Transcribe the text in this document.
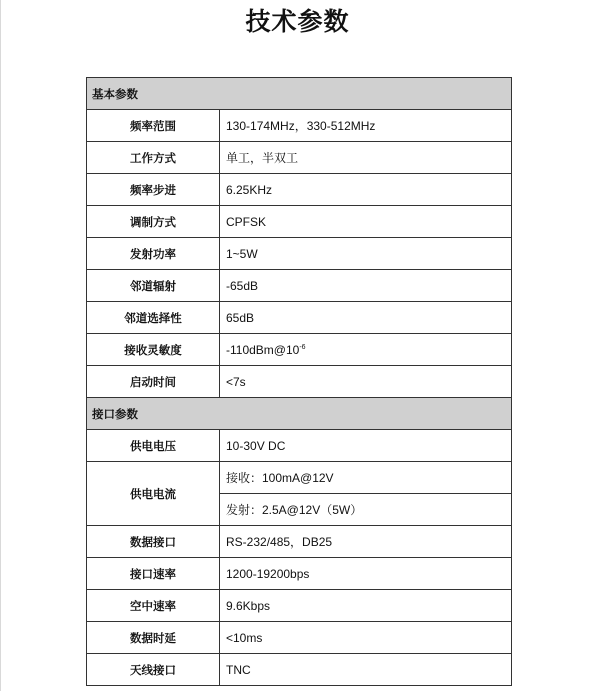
技术参数
基本参数	
频率范围	130-174MHz，330-512MHz
工作方式	单工，半双工
频率步进	6.25KHz
调制方式	CPFSK
发射功率	1~5W
邻道辐射	-65dB
邻道选择性	65dB
接收灵敏度	$-110dBm@10^{-6}$
启动时间	<7s
接口参数	
供电电压	10-30V DC
供电电流	接收：100mA@12V
	发射：2.5A@12V（5W）
数据接口	RS-232/485，DB25
接口速率	1200-19200bps
空中速率	9.6Kbps
数据时延	<10ms
天线接口	TNC
